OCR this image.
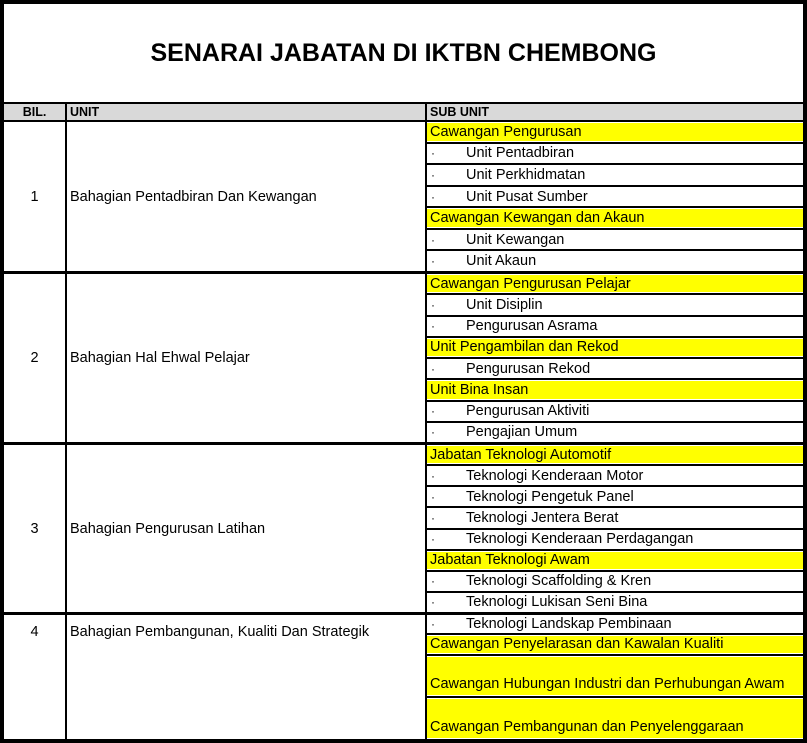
SENARAI JABATAN DI IKTBN CHEMBONG
BIL.	UNIT	SUB UNIT
1	Bahagian Pentadbiran Dan Kewangan
Cawangan Pengurusan
·	Unit Pentadbiran
·	Unit Perkhidmatan
·	Unit Pusat Sumber
Cawangan Kewangan dan Akaun
·	Unit Kewangan
·	Unit Akaun
2	Bahagian Hal Ehwal Pelajar
Cawangan Pengurusan Pelajar
·	Unit Disiplin
·	Pengurusan Asrama
Unit Pengambilan dan Rekod
·	Pengurusan Rekod
Unit Bina Insan
·	Pengurusan Aktiviti
·	Pengajian Umum
3	Bahagian Pengurusan Latihan
Jabatan Teknologi Automotif
·	Teknologi Kenderaan Motor
·	Teknologi Pengetuk Panel
·	Teknologi Jentera Berat
·	Teknologi Kenderaan Perdagangan
Jabatan Teknologi Awam
·	Teknologi Scaffolding & Kren
·	Teknologi Lukisan Seni Bina
4	Bahagian Pembangunan, Kualiti Dan Strategik	·	Teknologi Landskap Pembinaan
Cawangan Penyelarasan dan Kawalan Kualiti
Cawangan Hubungan Industri dan Perhubungan Awam
Cawangan Pembangunan dan Penyelenggaraan
